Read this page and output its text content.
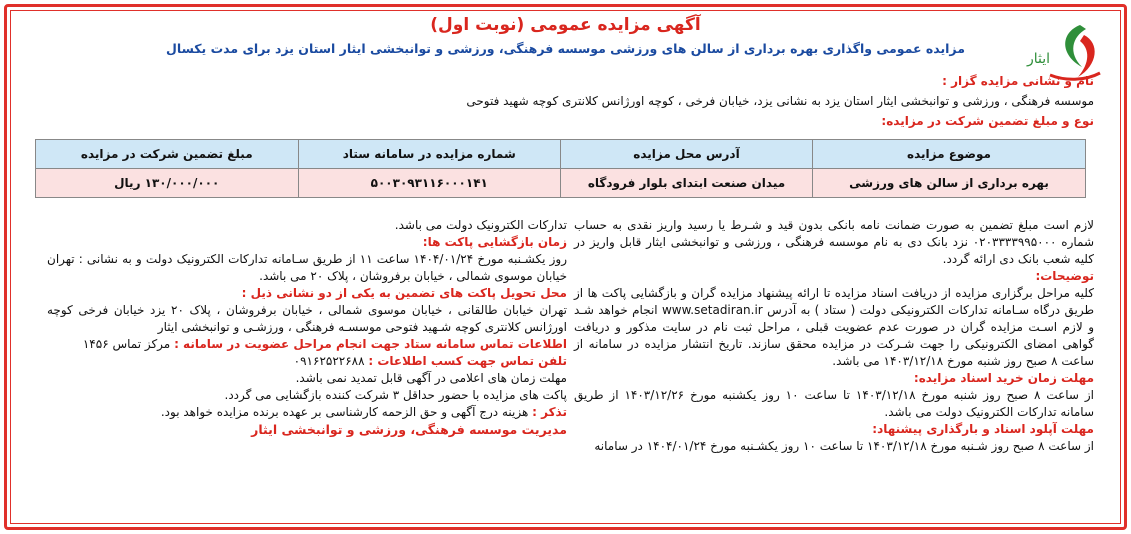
ایثار
آگهی مزایده عمومی (نوبت اول)
مزایده عمومی واگذاری بهره برداری از سالن های ورزشی موسسه فرهنگی، ورزشی و توانبخشی ایثار استان یزد برای مدت یکسال
نام و نشانی مزایده گزار :
موسسه فرهنگی ، ورزشی و توانبخشی ایثار استان یزد به نشانی یزد، خیابان فرخی ، کوچه اورژانس کلانتری کوچه شهید فتوحی
نوع و مبلغ تضمین شرکت در مزایده:
موضوع مزایده	آدرس محل مزایده	شماره مزایده در سامانه ستاد	مبلغ تضمین شرکت در مزایده
بهره برداری از سالن های ورزشی	میدان صنعت ابتدای بلوار فرودگاه	۵۰۰۳۰۹۳۱۱۶۰۰۰۱۴۱	۱۳۰/۰۰۰/۰۰۰ ریال

لازم است مبلغ تضمین به صورت ضمانت نامه بانکی بدون قید و شـرط یا رسید واریز نقدی به حساب شماره ۰۲۰۳۳۳۳۹۹۵۰۰۰ نزد بانک دی به نام موسسه فرهنگی ، ورزشی و توانبخشی ایثار قابل واریز در کلیه شعب بانک دی ارائه گردد.

توضیحات:

کلیه مراحل برگزاری مزایده از دریافت اسناد مزایده تا ارائه پیشنهاد مزایده گران و بازگشایی پاکت ها از طریق درگاه سـامانه تدارکات الکترونیکی دولت ( ستاد ) به آدرس www.setadiran.ir انجام خواهد شـد و لازم اسـت مزایده گران در صورت عدم عضویت قبلی ، مراحل ثبت نام در سایت مذکور و دریافت گواهی امضای الکترونیکی را جهت شـرکت در مزایده محقق سازند. تاریخ انتشار مزایده در سامانه از ساعت ۸ صبح روز شنبه مورخ ۱۴۰۳/۱۲/۱۸ می باشد.

مهلت زمان خرید اسناد مزایده:

از ساعت ۸ صبح روز شنبه مورخ ۱۴۰۳/۱۲/۱۸ تا ساعت ۱۰ روز یکشنبه مورخ ۱۴۰۳/۱۲/۲۶ از طریق سامانه تدارکات الکترونیک دولت می باشد.

مهلت آپلود اسناد و بارگذاری پیشنهاد:

از ساعت ۸ صبح روز شـنبه مورخ ۱۴۰۳/۱۲/۱۸ تا ساعت ۱۰ روز یکشـنبه مورخ ۱۴۰۴/۰۱/۲۴ در سامانه

تدارکات الکترونیک دولت می باشد.

زمان بازگشایی پاکت ها:

روز یکشـنبه مورخ ۱۴۰۴/۰۱/۲۴ ساعت ۱۱ از طریق سـامانه تدارکات الکترونیک دولت و به نشانی : تهران خیابان موسوی شمالی ، خیابان برفروشان ، پلاک ۲۰ می باشد.

محل تحویل پاکت های تضمین به یکی از دو نشانی ذیل :

تهران خیابان طالقانی ، خیابان موسوی شمالی ، خیابان برفروشان ، پلاک ۲۰ یزد خیابان فرخی کوچه اورژانس کلانتری کوچه شـهید فتوحی موسسـه فرهنگی ، ورزشـی و توانبخشی ایثار

اطلاعات تماس سامانه ستاد جهت انجام مراحل عضویت در سامانه : مرکز تماس ۱۴۵۶

تلفن تماس جهت کسب اطلاعات : ۰۹۱۶۲۵۲۲۶۸۸

مهلت زمان های اعلامی در آگهی قابل تمدید نمی باشد.

پاکت های مزایده با حضور حداقل ۳ شرکت کننده بازگشایی می گردد.

تذکر : هزینه درج آگهی و حق الزحمه کارشناسی بر عهده برنده مزایده خواهد بود.

مدیریت موسسه فرهنگی، ورزشی و توانبخشی ایثار
